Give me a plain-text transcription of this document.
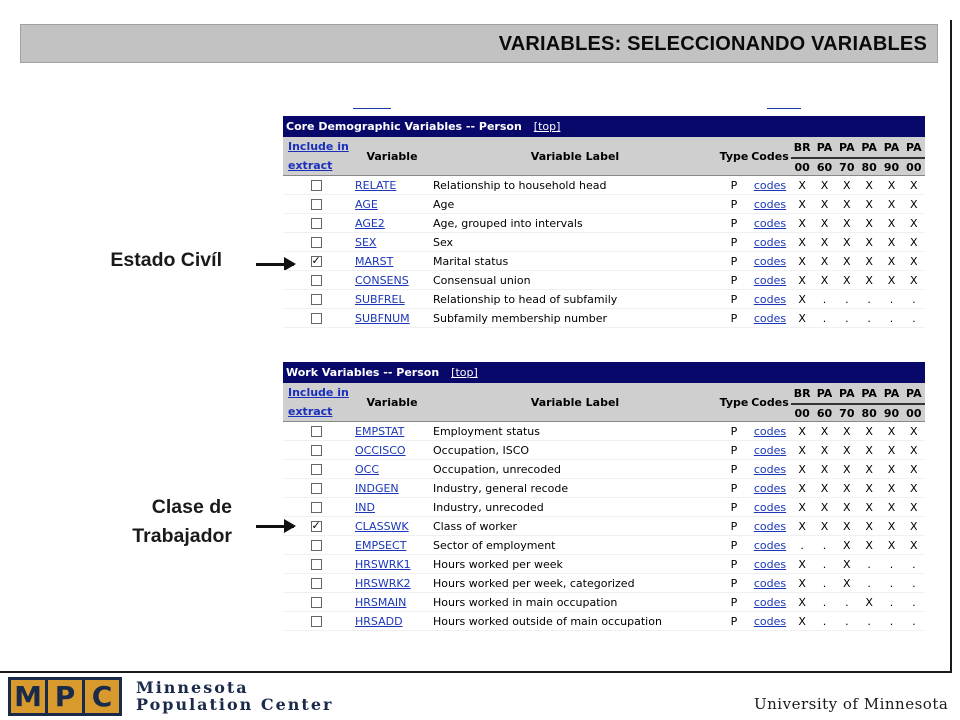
VARIABLES: SELECCIONANDO VARIABLES
Estado Civíl
Clase de
Trabajador
Core Demographic Variables -- Person [top]
Include in
extract
Variable	Variable Label	Type Codes
BR PA PA PA PA PA
00 60 70 80 90 00
RELATE	Relationship to household head	P	codes	X	X	X	X	X	X
AGE	Age	P	codes	X	X	X	X	X	X
AGE2	Age, grouped into intervals	P	codes	X	X	X	X	X	X
SEX	Sex	P	codes	X	X	X	X	X	X
✓
MARST	Marital status	P	codes	X	X	X	X	X	X
CONSENS	Consensual union	P	codes	X	X	X	X	X	X
SUBFREL	Relationship to head of subfamily	P	codes	X	.	.	.	.	.
SUBFNUM	Subfamily membership number	P	codes	X	.	.	.	.	.
Work Variables -- Person [top]
Include in
extract
Variable	Variable Label	Type Codes
BR PA PA PA PA PA
00 60 70 80 90 00
EMPSTAT	Employment status	P	codes	X	X	X	X	X	X
OCCISCO	Occupation, ISCO	P	codes	X	X	X	X	X	X
OCC	Occupation, unrecoded	P	codes	X	X	X	X	X	X
INDGEN	Industry, general recode	P	codes	X	X	X	X	X	X
IND	Industry, unrecoded	P	codes	X	X	X	X	X	X
✓
CLASSWK	Class of worker	P	codes	X	X	X	X	X	X
EMPSECT	Sector of employment	P	codes	.	.	X	X	X	X
HRSWRK1	Hours worked per week	P	codes	X	.	X	.	.	.
HRSWRK2	Hours worked per week, categorized	P	codes	X	.	X	.	.	.
HRSMAIN	Hours worked in main occupation	P	codes	X	.	.	X	.	.
HRSADD	Hours worked outside of main occupation	P	codes	X	.	.	.	.	.
M P C	Minnesota
Population Center	University of Minnesota
